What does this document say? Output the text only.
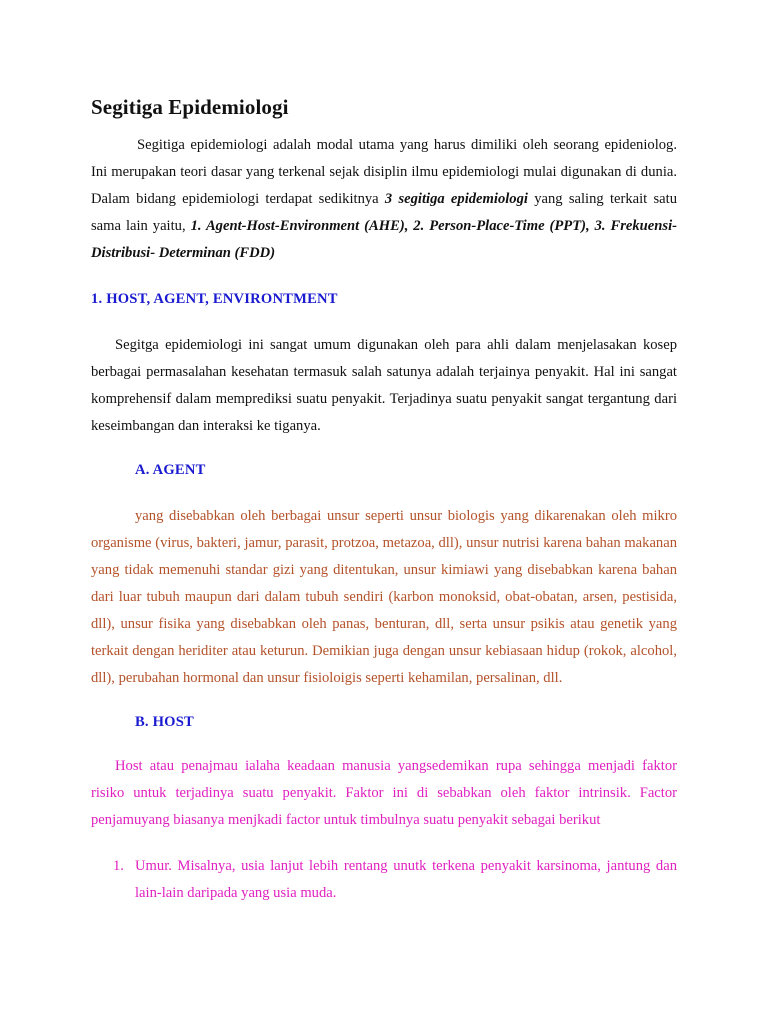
Segitiga Epidemiologi

Segitiga epidemiologi adalah modal utama yang harus dimiliki oleh seorang epideniolog. Ini merupakan teori dasar yang terkenal sejak disiplin ilmu epidemiologi mulai digunakan di dunia. Dalam bidang epidemiologi terdapat sedikitnya 3 segitiga epidemiologi yang saling terkait satu sama lain yaitu, 1. Agent-Host-Environment (AHE), 2. Person-Place-Time (PPT), 3. Frekuensi- Distribusi- Determinan (FDD)

1. HOST, AGENT, ENVIRONTMENT

Segitga epidemiologi ini sangat umum digunakan oleh para ahli dalam menjelasakan kosep berbagai permasalahan kesehatan termasuk salah satunya adalah terjainya penyakit. Hal ini sangat komprehensif dalam memprediksi suatu penyakit. Terjadinya suatu penyakit sangat tergantung dari keseimbangan dan interaksi ke tiganya.

A. AGENT

yang disebabkan oleh berbagai unsur seperti unsur biologis yang dikarenakan oleh mikro organisme (virus, bakteri, jamur, parasit, protzoa, metazoa, dll), unsur nutrisi karena bahan makanan yang tidak memenuhi standar gizi yang ditentukan, unsur kimiawi yang disebabkan karena bahan dari luar tubuh maupun dari dalam tubuh sendiri (karbon monoksid, obat-obatan, arsen, pestisida, dll), unsur fisika yang disebabkan oleh panas, benturan, dll, serta unsur psikis atau genetik yang terkait dengan heriditer atau keturun. Demikian juga dengan unsur kebiasaan hidup (rokok, alcohol, dll), perubahan hormonal dan unsur fisioloigis seperti kehamilan, persalinan, dll.

B. HOST

Host atau penajmau ialaha keadaan manusia yangsedemikan rupa sehingga menjadi faktor risiko untuk terjadinya suatu penyakit. Faktor ini di sebabkan oleh faktor intrinsik. Factor penjamuyang biasanya menjkadi factor untuk timbulnya suatu penyakit sebagai berikut

1. Umur. Misalnya, usia lanjut lebih rentang unutk terkena penyakit karsinoma, jantung dan lain-lain daripada yang usia muda.
